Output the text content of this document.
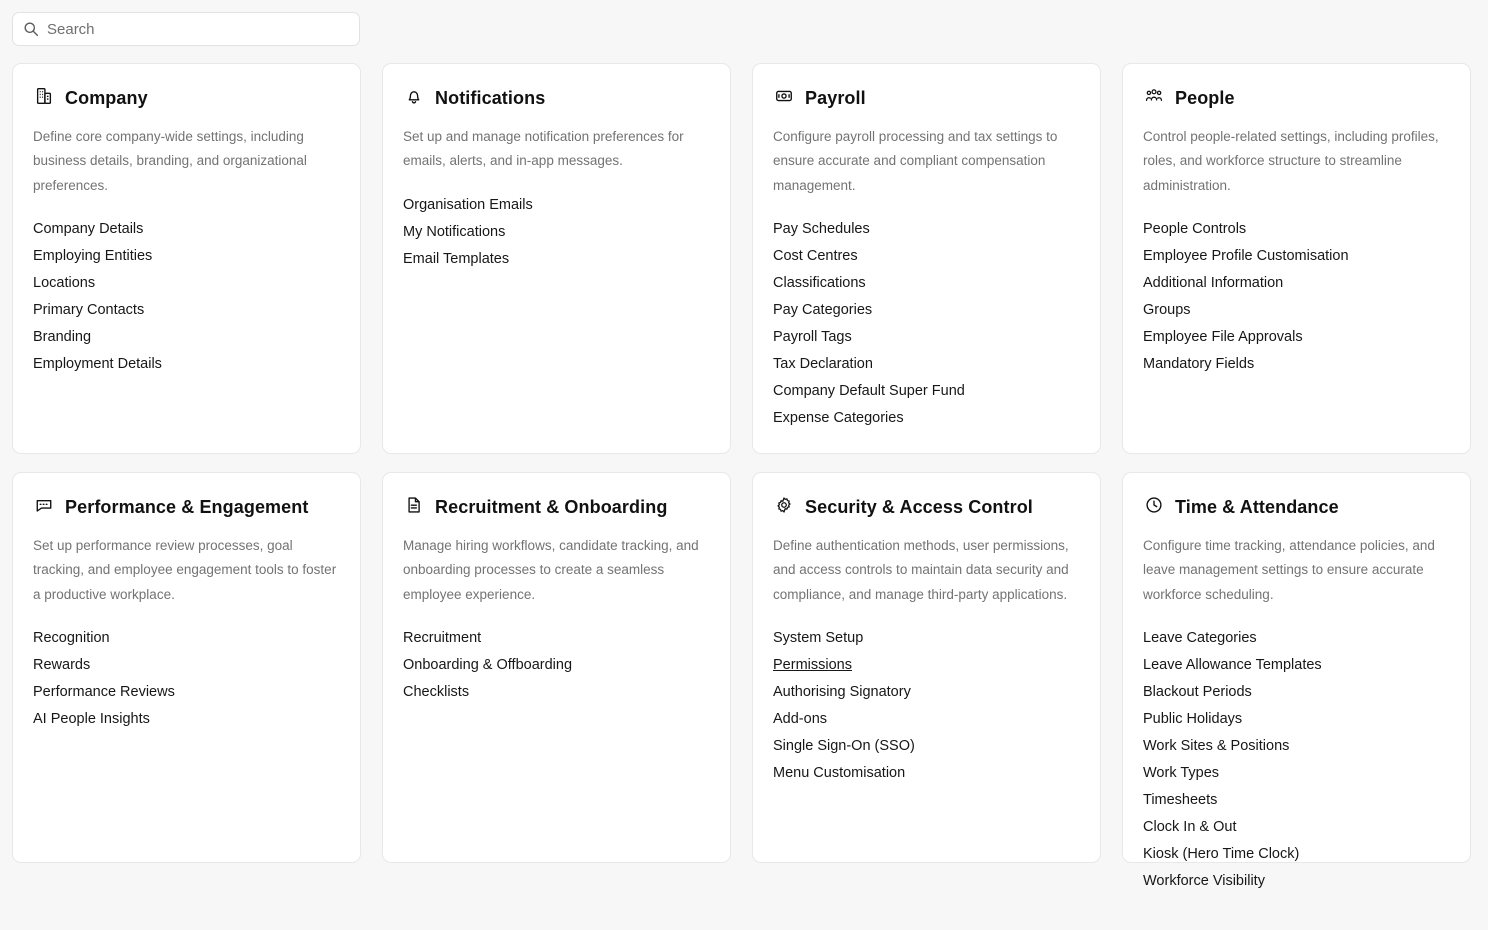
Search
Company

Define core company-wide settings, including business details, branding, and organizational preferences.

Company Details
Employing Entities
Locations
Primary Contacts
Branding
Employment Details
Notifications

Set up and manage notification preferences for emails, alerts, and in-app messages.

Organisation Emails
My Notifications
Email Templates
Payroll

Configure payroll processing and tax settings to ensure accurate and compliant compensation management.

Pay Schedules
Cost Centres
Classifications
Pay Categories
Payroll Tags
Tax Declaration
Company Default Super Fund
Expense Categories
People

Control people-related settings, including profiles, roles, and workforce structure to streamline administration.

People Controls
Employee Profile Customisation
Additional Information
Groups
Employee File Approvals
Mandatory Fields
Performance & Engagement

Set up performance review processes, goal tracking, and employee engagement tools to foster a productive workplace.

Recognition
Rewards
Performance Reviews
AI People Insights
Recruitment & Onboarding

Manage hiring workflows, candidate tracking, and onboarding processes to create a seamless employee experience.

Recruitment
Onboarding & Offboarding
Checklists
Security & Access Control

Define authentication methods, user permissions, and access controls to maintain data security and compliance, and manage third-party applications.

System Setup
Permissions
Authorising Signatory
Add-ons
Single Sign-On (SSO)
Menu Customisation
Time & Attendance

Configure time tracking, attendance policies, and leave management settings to ensure accurate workforce scheduling.

Leave Categories
Leave Allowance Templates
Blackout Periods
Public Holidays
Work Sites & Positions
Work Types
Timesheets
Clock In & Out
Kiosk (Hero Time Clock)
Workforce Visibility
